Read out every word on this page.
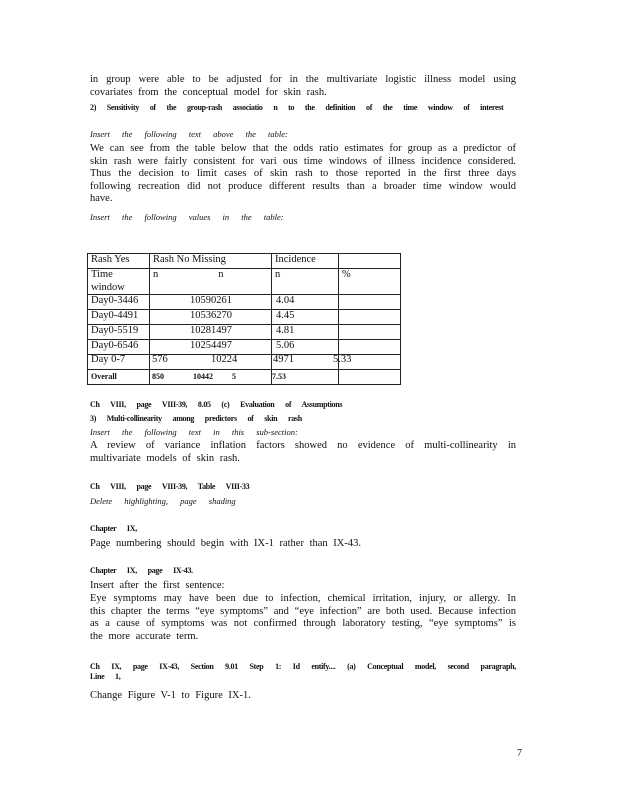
in group were able to be adjusted for in the multivariate logistic illness model using covariates from the conceptual model for skin rash.
2) Sensitivity of the group-rash associatio n to the definition of the time window of interest
Insert the following text above the table:
We can see from the table below that the odds ratio estimates for group as a predictor of skin rash were fairly consistent for vari ous time windows of illness incidence considered. Thus the decision to limit cases of skin rash to those reported in the first three days following recreation did not produce different results than a broader time window would have.
Insert the following values in the table:
Rash Yes	Rash No Missing	Incidence	
Time window	n n	n	%
Day0-3446	10590261	4.04	
Day0-4491	10536270	4.45	
Day0-5519	10281497	4.81	
Day0-6546	10254497	5.06	

Day 0-7	576	10224	4971	5.33
Overall	850	10442 5	7.53
Ch VIII, page VIII-39, 8.05 (c) Evaluation of Assumptions
3) Multi-collinearity among predictors of skin rash
Insert the following text in this sub-section:
A review of variance inflation factors showed no evidence of multi-collinearity in multivariate models of skin rash.
Ch VIII, page VIII-39, Table VIII-33
Delete highlighting, page shading
Chapter IX,
Page numbering should begin with IX-1 rather than IX-43.
Chapter IX, page IX-43.
Insert after the first sentence:
Eye symptoms may have been due to infection, chemical irritation, injury, or allergy. In this chapter the terms “eye symptoms” and “eye infection” are both used. Because infection as a cause of symptoms was not confirmed through laboratory testing, “eye symptoms” is the more accurate term.
Ch IX, page IX-43, Section 9.01 Step 1: Id entify.... (a) Conceptual model, second paragraph, Line 1,
Change Figure V-1 to Figure IX-1.
7
